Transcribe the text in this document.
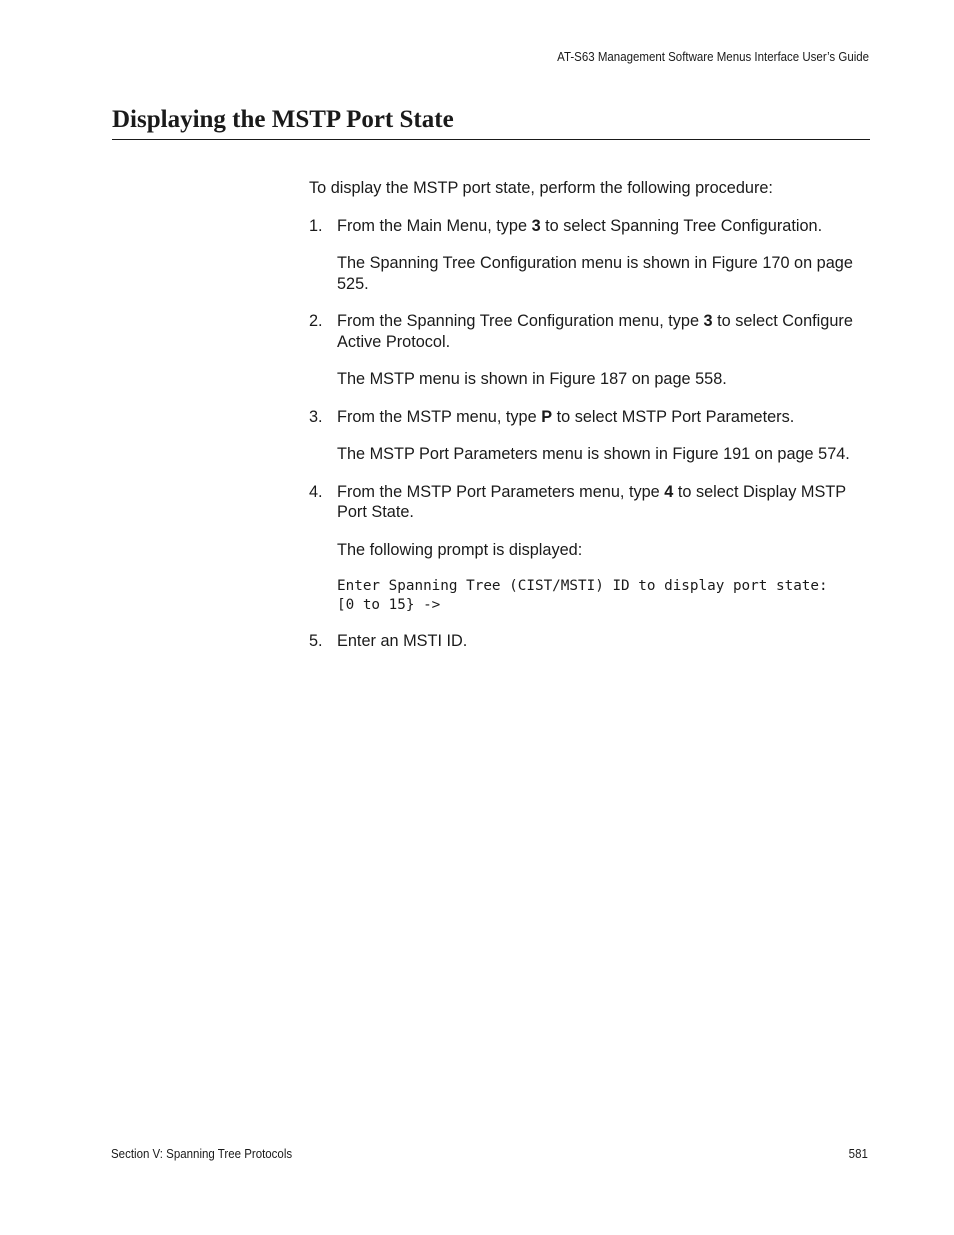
AT-S63 Management Software Menus Interface User’s Guide
Displaying the MSTP Port State

To display the MSTP port state, perform the following procedure:

1. From the Main Menu, type 3 to select Spanning Tree Configuration.

The Spanning Tree Configuration menu is shown in Figure 170 on page 525.

2. From the Spanning Tree Configuration menu, type 3 to select Configure Active Protocol.

The MSTP menu is shown in Figure 187 on page 558.

3. From the MSTP menu, type P to select MSTP Port Parameters.

The MSTP Port Parameters menu is shown in Figure 191 on page 574.

4. From the MSTP Port Parameters menu, type 4 to select Display MSTP Port State.

The following prompt is displayed:

Enter Spanning Tree (CIST/MSTI) ID to display port state:
[0 to 15} ->
5. Enter an MSTI ID.

Section V: Spanning Tree Protocols	581
